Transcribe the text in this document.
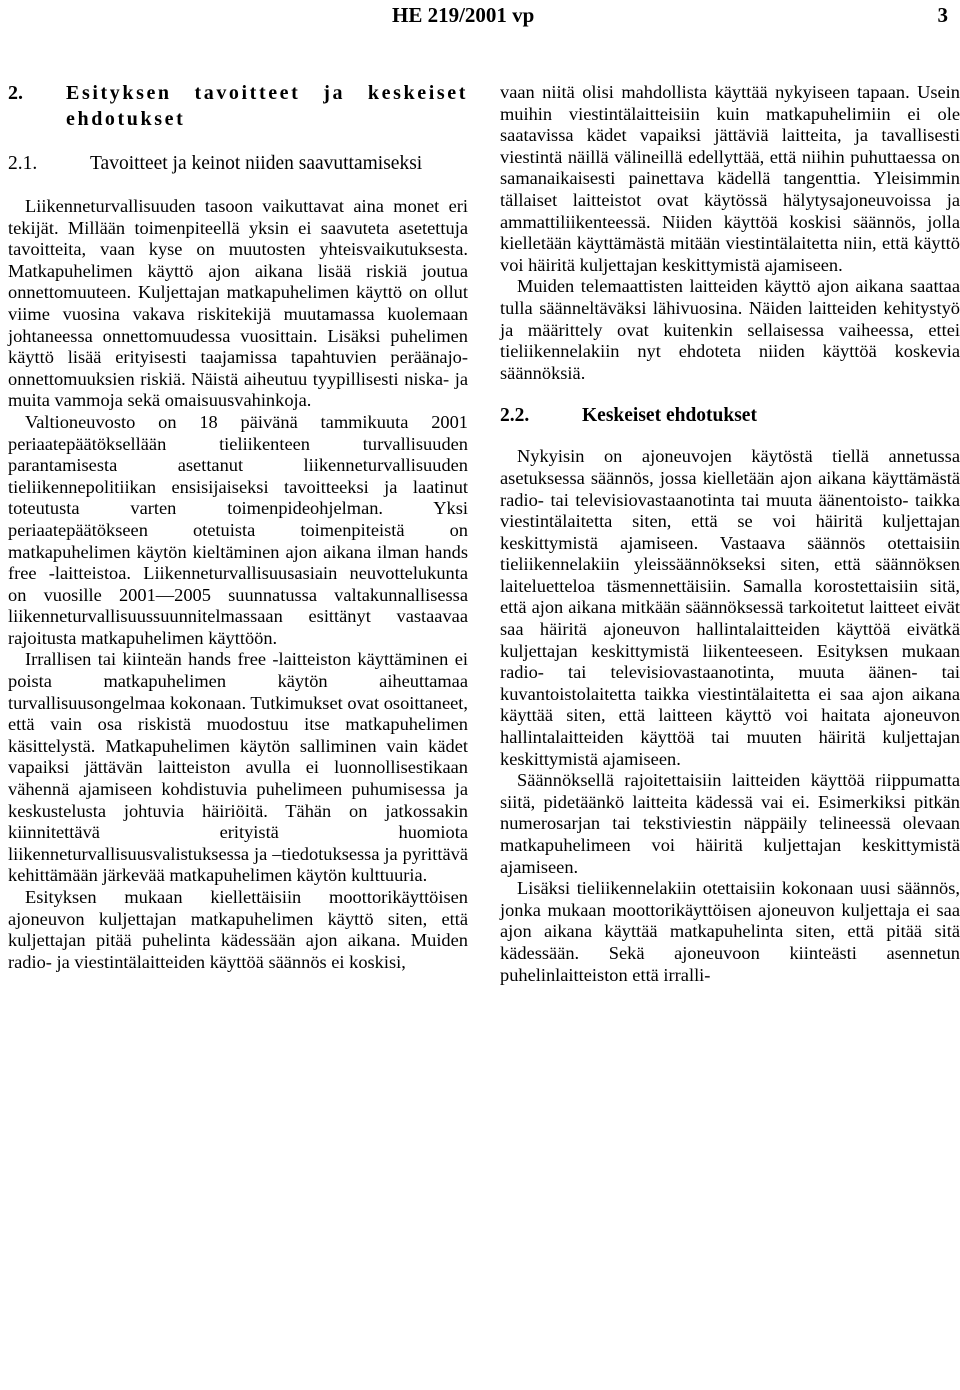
HE 219/2001 vp	3
2.	Esityksen tavoitteet ja keskeiset ehdotukset
2.1.	Tavoitteet ja keinot niiden saavuttamiseksi

Liikenneturvallisuuden tasoon vaikuttavat aina monet eri tekijät. Millään toimenpiteellä yksin ei saavuteta asetettuja tavoitteita, vaan kyse on muutosten yhteisvaikutuksesta. Matkapuhelimen käyttö ajon aikana lisää riskiä joutua onnettomuuteen. Kuljettajan matkapuhelimen käyttö on ollut viime vuosina vakava riskitekijä muutamassa kuolemaan johtaneessa onnettomuudessa vuosittain. Lisäksi puhelimen käyttö lisää erityisesti taajamissa tapahtuvien peräänajo-onnettomuuksien riskiä. Näistä aiheutuu tyypillisesti niska- ja muita vammoja sekä omaisuusvahinkoja.

Valtioneuvosto on 18 päivänä tammikuuta 2001 periaatepäätöksellään tieliikenteen turvallisuuden parantamisesta asettanut liikenneturvallisuuden tieliikennepolitiikan ensisijaiseksi tavoitteeksi ja laatinut toteutusta varten toimenpideohjelman. Yksi periaatepäätökseen otetuista toimenpiteistä on matkapuhelimen käytön kieltäminen ajon aikana ilman hands free -laitteistoa. Liikenneturvallisuusasiain neuvottelukunta on vuosille 2001—2005 suunnatussa valtakunnallisessa liikenneturvallisuussuunnitelmassaan esittänyt vastaavaa rajoitusta matkapuhelimen käyttöön.

Irrallisen tai kiinteän hands free -laitteiston käyttäminen ei poista matkapuhelimen käytön aiheuttamaa turvallisuusongelmaa kokonaan. Tutkimukset ovat osoittaneet, että vain osa riskistä muodostuu itse matkapuhelimen käsittelystä. Matkapuhelimen käytön salliminen vain kädet vapaiksi jättävän laitteiston avulla ei luonnollisestikaan vähennä ajamiseen kohdistuvia puhelimeen puhumisessa ja keskustelusta johtuvia häiriöitä. Tähän on jatkossakin kiinnitettävä erityistä huomiota liikenneturvallisuusvalistuksessa ja –tiedotuksessa ja pyrittävä kehittämään järkevää matkapuhelimen käytön kulttuuria.

Esityksen mukaan kiellettäisiin moottorikäyttöisen ajoneuvon kuljettajan matkapuhelimen käyttö siten, että kuljettajan pitää puhelinta kädessään ajon aikana. Muiden radio- ja viestintälaitteiden käyttöä säännös ei koskisi,

vaan niitä olisi mahdollista käyttää nykyiseen tapaan. Usein muihin viestintälaitteisiin kuin matkapuhelimiin ei ole saatavissa kädet vapaiksi jättäviä laitteita, ja tavallisesti viestintä näillä välineillä edellyttää, että niihin puhuttaessa on samanaikaisesti painettava kädellä tangenttia. Yleisimmin tällaiset laitteistot ovat käytössä hälytysajoneuvoissa ja ammattiliikenteessä. Niiden käyttöä koskisi säännös, jolla kielletään käyttämästä mitään viestintälaitetta niin, että käyttö voi häiritä kuljettajan keskittymistä ajamiseen.

Muiden telemaattisten laitteiden käyttö ajon aikana saattaa tulla säänneltäväksi lähivuosina. Näiden laitteiden kehitystyö ja määrittely ovat kuitenkin sellaisessa vaiheessa, ettei tieliikennelakiin nyt ehdoteta niiden käyttöä koskevia säännöksiä.

2.2.	Keskeiset ehdotukset

Nykyisin on ajoneuvojen käytöstä tiellä annetussa asetuksessa säännös, jossa kielletään ajon aikana käyttämästä radio- tai televisiovastaanotinta tai muuta äänentoisto- taikka viestintälaitetta siten, että se voi häiritä kuljettajan keskittymistä ajamiseen. Vastaava säännös otettaisiin tieliikennelakiin yleissäännökseksi siten, että säännöksen laiteluetteloa täsmennettäisiin. Samalla korostettaisiin sitä, että ajon aikana mitkään säännöksessä tarkoitetut laitteet eivät saa häiritä ajoneuvon hallintalaitteiden käyttöä eivätkä kuljettajan keskittymistä liikenteeseen. Esityksen mukaan radio- tai televisiovastaanotinta, muuta äänen- tai kuvantoistolaitetta taikka viestintälaitetta ei saa ajon aikana käyttää siten, että laitteen käyttö voi haitata ajoneuvon hallintalaitteiden käyttöä tai muuten häiritä kuljettajan keskittymistä ajamiseen.

Säännöksellä rajoitettaisiin laitteiden käyttöä riippumatta siitä, pidetäänkö laitteita kädessä vai ei. Esimerkiksi pitkän numerosarjan tai tekstiviestin näppäily telineessä olevaan matkapuhelimeen voi häiritä kuljettajan keskittymistä ajamiseen.

Lisäksi tieliikennelakiin otettaisiin kokonaan uusi säännös, jonka mukaan moottorikäyttöisen ajoneuvon kuljettaja ei saa ajon aikana käyttää matkapuhelinta siten, että pitää sitä kädessään. Sekä ajoneuvoon kiinteästi asennetun puhelinlaitteiston että irralli-
